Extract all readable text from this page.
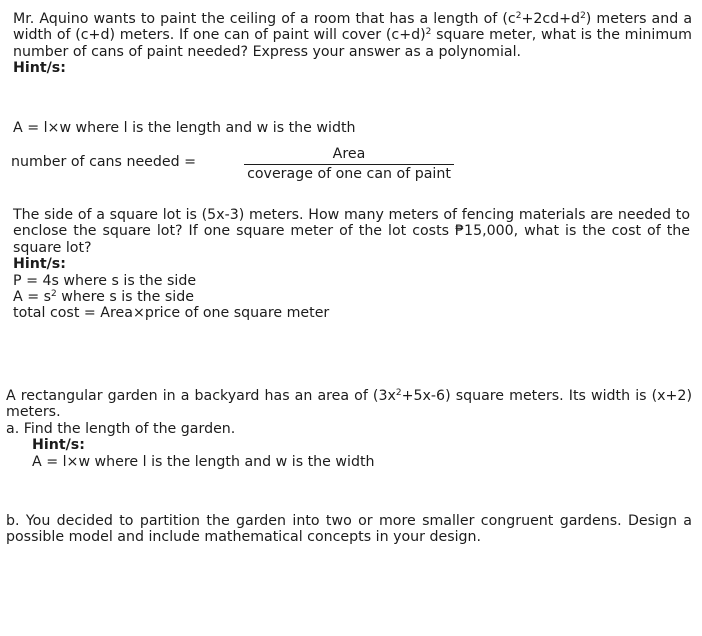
Mr. Aquino wants to paint the ceiling of a room that has a length of $(c^2+2cd+d^2)$ meters and a width of (c+d) meters. If one can of paint will cover $(c+d)^2$ square meter, what is the minimum number of cans of paint needed? Express your answer as a polynomial.

Hint/s:

A = l×w where l is the length and w is the width

number of cans needed =	Area
coverage of one can of paint

The side of a square lot is (5x-3) meters. How many meters of fencing materials are needed to enclose the square lot? If one square meter of the lot costs ₱15,000, what is the cost of the square lot?

Hint/s:

P = 4s where s is the side

$A = s^2$ where s is the side

total cost = Area×price of one square meter

A rectangular garden in a backyard has an area of $(3x^2+5x-6)$ square meters. Its width is (x+2) meters.

a. Find the length of the garden.

Hint/s:

A = l×w where l is the length and w is the width

b. You decided to partition the garden into two or more smaller congruent gardens. Design a possible model and include mathematical concepts in your design.
